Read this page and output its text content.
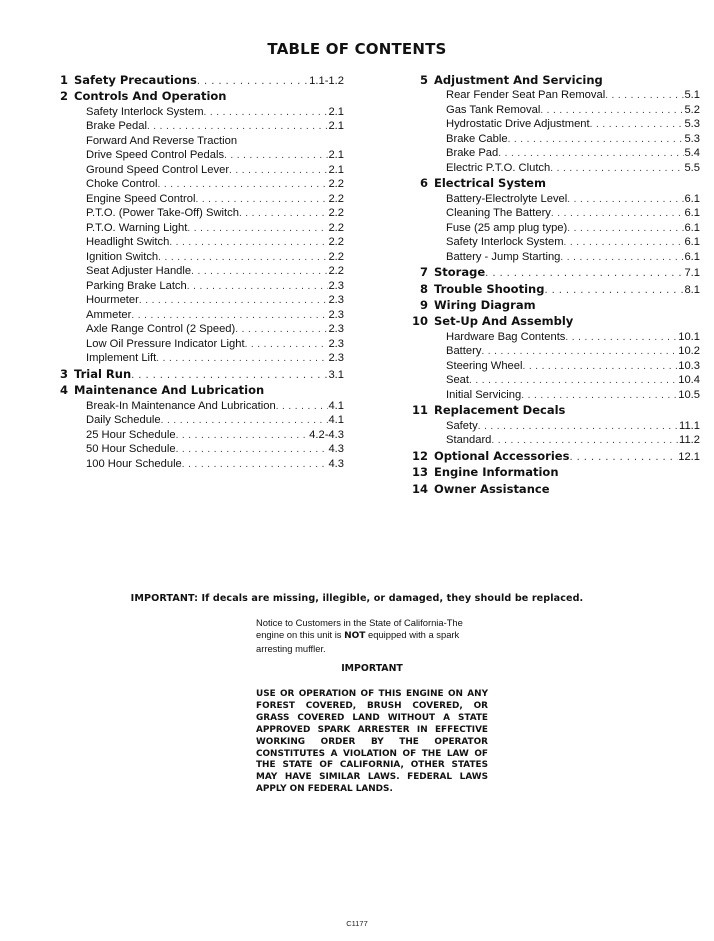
TABLE OF CONTENTS
1 Safety Precautions . . .	1.1-1.2
2 Controls And Operation
Safety Interlock System . . .	2.1
Brake Pedal . . .	2.1
Forward And Reverse Traction
Drive Speed Control Pedals . . .	2.1
Ground Speed Control Lever . . .	2.1
Choke Control . . .	2.2
Engine Speed Control . . .	2.2
P.T.O. (Power Take-Off) Switch . . .	2.2
P.T.O. Warning Light . . .	2.2
Headlight Switch . . .	2.2
Ignition Switch . . .	2.2
Seat Adjuster Handle . . .	2.2
Parking Brake Latch . . .	2.3
Hourmeter . . .	2.3
Ammeter . . .	2.3
Axle Range Control (2 Speed) . . .	2.3
Low Oil Pressure Indicator Light . . .	2.3
Implement Lift . . .	2.3
3 Trial Run . . .	3.1
4 Maintenance And Lubrication
Break-In Maintenance And Lubrication . . .	4.1
Daily Schedule . . .	4.1
25 Hour Schedule . . .	4.2-4.3
50 Hour Schedule . . .	4.3
100 Hour Schedule . . .	4.3
5 Adjustment And Servicing
Rear Fender Seat Pan Removal . . .	5.1
Gas Tank Removal . . .	5.2
Hydrostatic Drive Adjustment . . .	5.3
Brake Cable . . .	5.3
Brake Pad . . .	5.4
Electric P.T.O. Clutch . . .	5.5
6 Electrical System
Battery-Electrolyte Level . . .	6.1
Cleaning The Battery . . .	6.1
Fuse (25 amp plug type) . . .	6.1
Safety Interlock System . . .	6.1
Battery - Jump Starting . . .	6.1
7 Storage . . .	7.1
8 Trouble Shooting . . .	8.1
9 Wiring Diagram
10 Set-Up And Assembly
Hardware Bag Contents . . .	10.1
Battery . . .	10.2
Steering Wheel . . .	10.3
Seat . . .	10.4
Initial Servicing . . .	10.5
11 Replacement Decals
Safety . . .	11.1
Standard . . .	11.2
12 Optional Accessories . . .	12.1
13 Engine Information
14 Owner Assistance
IMPORTANT: If decals are missing, illegible, or damaged, they should be replaced.
Notice to Customers in the State of California-The engine on this unit is NOT equipped with a spark arresting muffler.
IMPORTANT
USE OR OPERATION OF THIS ENGINE ON ANY FOREST COVERED, BRUSH COVERED, OR GRASS COVERED LAND WITHOUT A STATE APPROVED SPARK ARRESTER IN EFFECTIVE WORKING ORDER BY THE OPERATOR CONSTITUTES A VIOLATION OF THE LAW OF THE STATE OF CALIFORNIA, OTHER STATES MAY HAVE SIMILAR LAWS. FEDERAL LAWS APPLY ON FEDERAL LANDS.
C1177
